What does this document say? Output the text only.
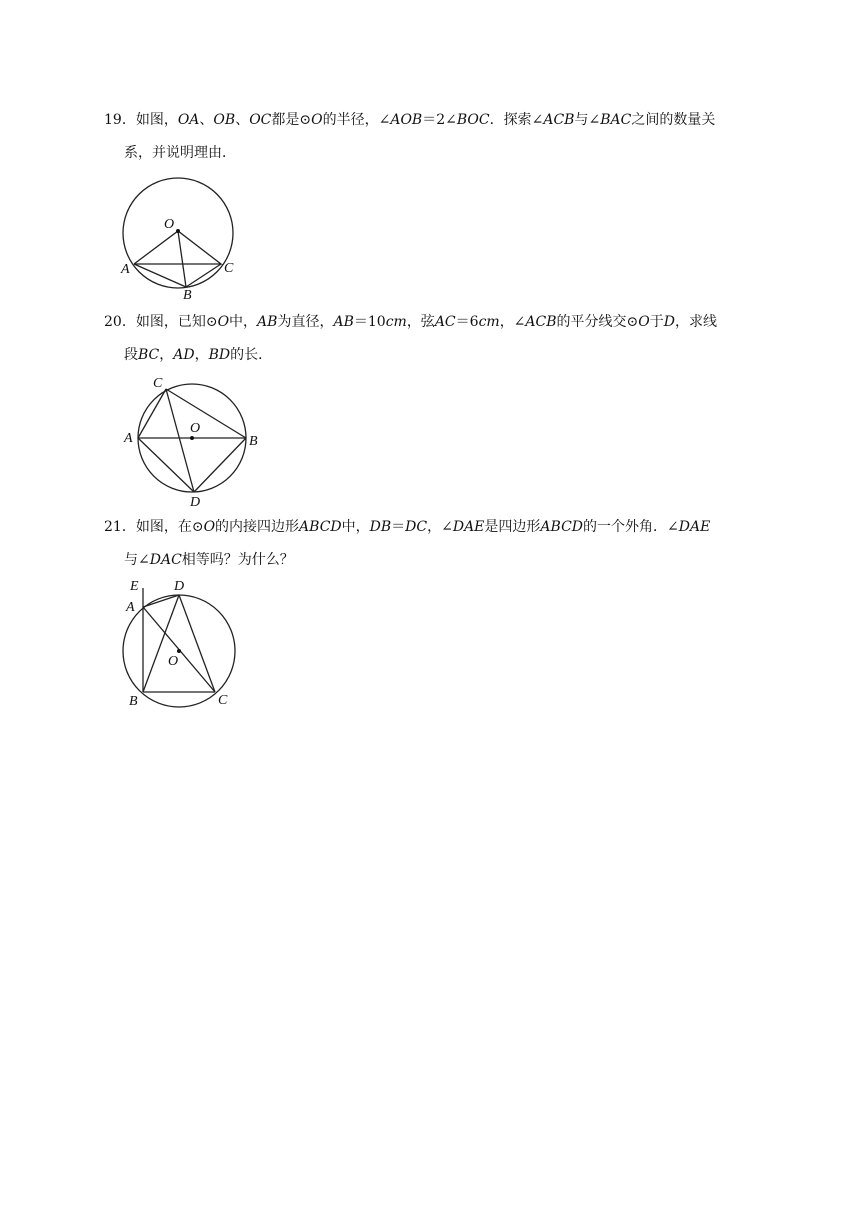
19．如图，OA、OB、OC都是⊙O的半径，∠AOB＝2∠BOC．探索∠ACB与∠BAC之间的数量关
系，并说明理由．
O
A
B
C
20．如图，已知⊙O中，AB为直径，AB＝10cm，弦AC＝6cm，∠ACB的平分线交⊙O于D，求线
段BC，AD，BD的长．
C
O
A	B
D
21．如图，在⊙O的内接四边形ABCD中，DB＝DC，∠DAE是四边形ABCD的一个外角．∠DAE
与∠DAC相等吗？为什么？
E	D
A
O
B	C
